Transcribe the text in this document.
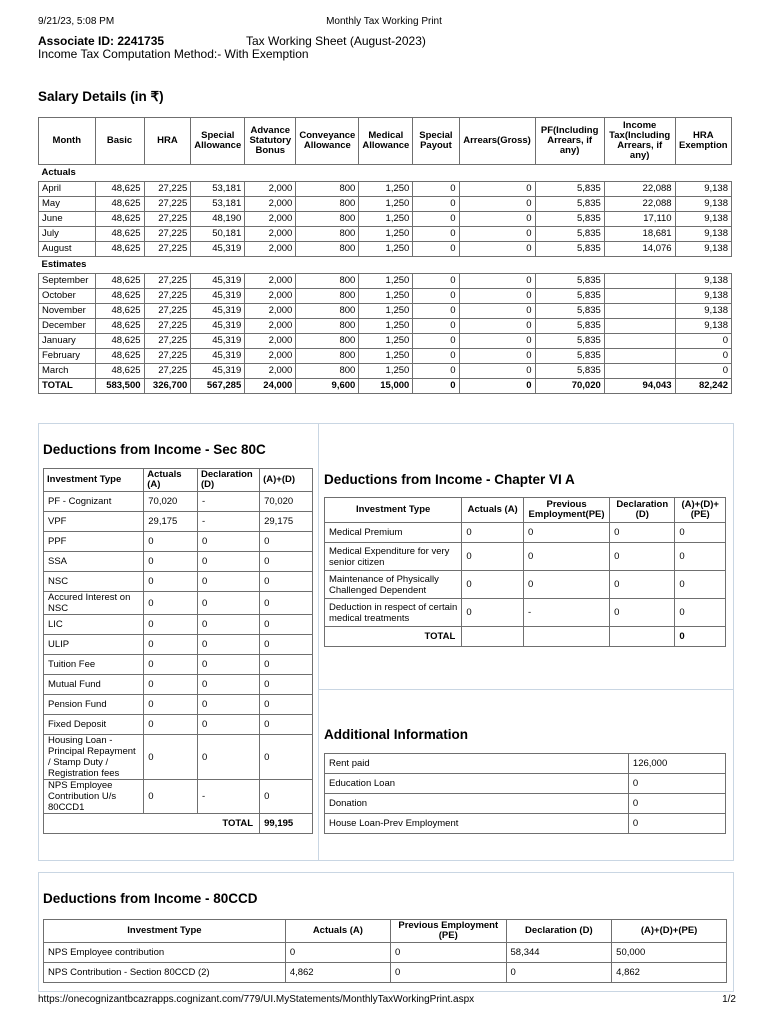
9/21/23, 5:08 PM	Monthly Tax Working Print
Associate ID: 2241735	Tax Working Sheet (August-2023)
Income Tax Computation Method:- With Exemption
Salary Details (in ₹)
Month	Basic	HRA	Special Allowance	Advance Statutory Bonus	Conveyance Allowance	Medical Allowance	Special Payout	Arrears(Gross)	PF(Including Arrears, if any)	Income Tax(Including Arrears, if any)	HRA Exemption
Actuals											
April	48,625	27,225	53,181	2,000	800	1,250	0	0	5,835	22,088	9,138
May	48,625	27,225	53,181	2,000	800	1,250	0	0	5,835	22,088	9,138
June	48,625	27,225	48,190	2,000	800	1,250	0	0	5,835	17,110	9,138
July	48,625	27,225	50,181	2,000	800	1,250	0	0	5,835	18,681	9,138
August	48,625	27,225	45,319	2,000	800	1,250	0	0	5,835	14,076	9,138
Estimates											
September	48,625	27,225	45,319	2,000	800	1,250	0	0	5,835		9,138
October	48,625	27,225	45,319	2,000	800	1,250	0	0	5,835		9,138
November	48,625	27,225	45,319	2,000	800	1,250	0	0	5,835		9,138
December	48,625	27,225	45,319	2,000	800	1,250	0	0	5,835		9,138
January	48,625	27,225	45,319	2,000	800	1,250	0	0	5,835		0
February	48,625	27,225	45,319	2,000	800	1,250	0	0	5,835		0
March	48,625	27,225	45,319	2,000	800	1,250	0	0	5,835		0
TOTAL	583,500	326,700	567,285	24,000	9,600	15,000	0	0	70,020	94,043	82,242
Deductions from Income - Sec 80C
Investment Type	Actuals (A)	Declaration (D)	(A)+(D)
PF - Cognizant	70,020	-	70,020
VPF	29,175	-	29,175
PPF	0	0	0
SSA	0	0	0
NSC	0	0	0
Accured Interest on NSC	0	0	0
LIC	0	0	0
ULIP	0	0	0
Tuition Fee	0	0	0
Mutual Fund	0	0	0
Pension Fund	0	0	0
Fixed Deposit	0	0	0
Housing Loan - Principal Repayment / Stamp Duty / Registration fees	0	0	0
NPS Employee Contribution U/s 80CCD1	0	-	0
TOTAL			99,195
Deductions from Income - Chapter VI A
Investment Type	Actuals (A)	Previous Employment(PE)	Declaration (D)	(A)+(D)+ (PE)
Medical Premium	0	0	0	0
Medical Expenditure for very senior citizen	0	0	0	0
Maintenance of Physically Challenged Dependent	0	0	0	0
Deduction in respect of certain medical treatments	0	-	0	0
TOTAL				0
Additional Information
Rent paid	126,000
Education Loan	0
Donation	0
House Loan-Prev Employment	0
Deductions from Income - 80CCD
Investment Type	Actuals (A)	Previous Employment (PE)	Declaration (D)	(A)+(D)+(PE)
NPS Employee contribution	0	0	58,344	50,000
NPS Contribution - Section 80CCD (2)	4,862	0	0	4,862
https://onecognizantbcazrapps.cognizant.com/779/UI.MyStatements/MonthlyTaxWorkingPrint.aspx	1/2
